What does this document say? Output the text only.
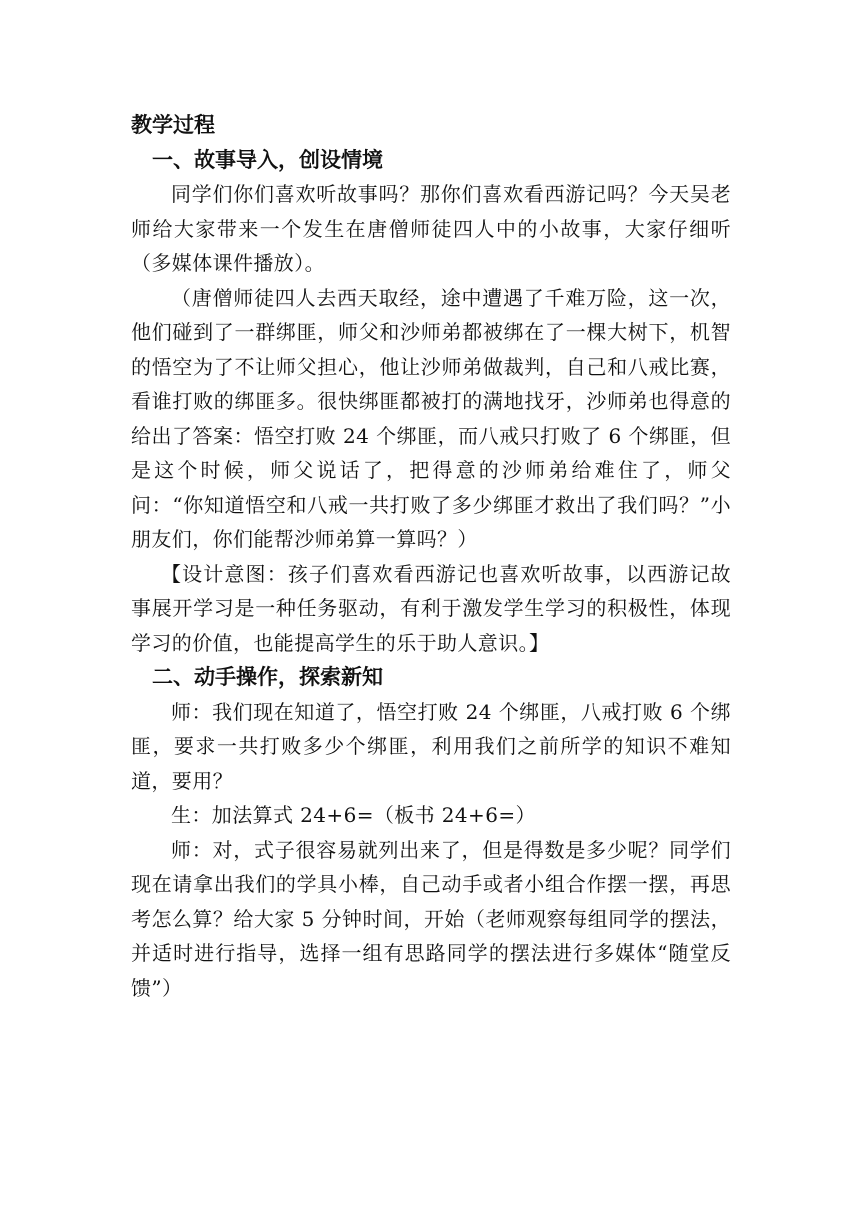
教学过程
一、故事导入，创设情境

同学们你们喜欢听故事吗？那你们喜欢看西游记吗？今天吴老师给大家带来一个发生在唐僧师徒四人中的小故事，大家仔细听（多媒体课件播放）。

（唐僧师徒四人去西天取经，途中遭遇了千难万险，这一次，他们碰到了一群绑匪，师父和沙师弟都被绑在了一棵大树下，机智的悟空为了不让师父担心，他让沙师弟做裁判，自己和八戒比赛，看谁打败的绑匪多。很快绑匪都被打的满地找牙，沙师弟也得意的给出了答案：悟空打败 24 个绑匪，而八戒只打败了 6 个绑匪，但是这个时候，师父说话了，把得意的沙师弟给难住了，师父问：“你知道悟空和八戒一共打败了多少绑匪才救出了我们吗？”小朋友们，你们能帮沙师弟算一算吗？）

【设计意图：孩子们喜欢看西游记也喜欢听故事，以西游记故事展开学习是一种任务驱动，有利于激发学生学习的积极性，体现学习的价值，也能提高学生的乐于助人意识。】

二、动手操作，探索新知

师：我们现在知道了，悟空打败 24 个绑匪，八戒打败 6 个绑匪，要求一共打败多少个绑匪，利用我们之前所学的知识不难知道，要用？

生：加法算式 24+6=（板书 24+6=）

师：对，式子很容易就列出来了，但是得数是多少呢？同学们现在请拿出我们的学具小棒，自己动手或者小组合作摆一摆，再思考怎么算？给大家 5 分钟时间，开始（老师观察每组同学的摆法，并适时进行指导，选择一组有思路同学的摆法进行多媒体“随堂反馈”）
